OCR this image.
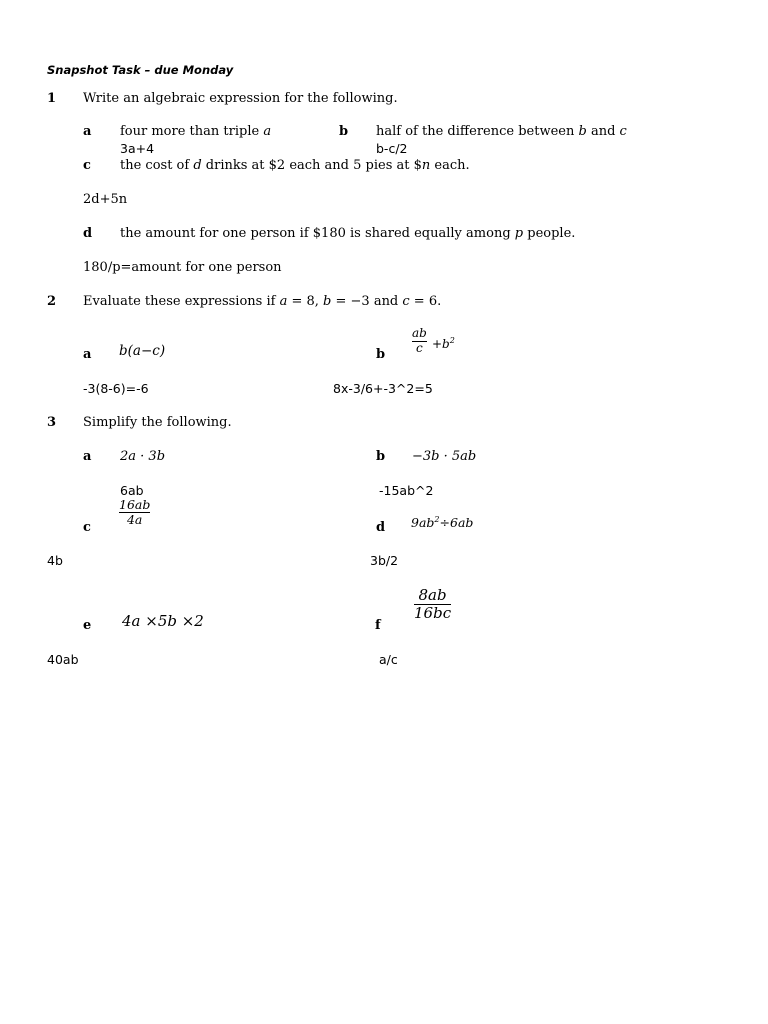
Snapshot Task – due Monday
1 Write an algebraic expression for the following.
a four more than triple a
3a+4
b half of the difference between b and c
b-c/2
c the cost of d drinks at $2 each and 5 pies at $n each.
2d+5n
d the amount for one person if $180 is shared equally among p people.
180/p=amount for one person
2 Evaluate these expressions if a = 8, b = −3 and c = 6.
a b(a−c)
-3(8-6)=-6
b
ab
$c +b^2$
8x-3/6+-3^2=5
3 Simplify the following.
a 2a · 3b
6ab
b −3b · 5ab
-15ab^2
c
16ab
4a
4b
d $9ab^2\div 6ab$
3b/2
e 4a ×5b ×2
40ab
f
8ab
16bc
a/c
